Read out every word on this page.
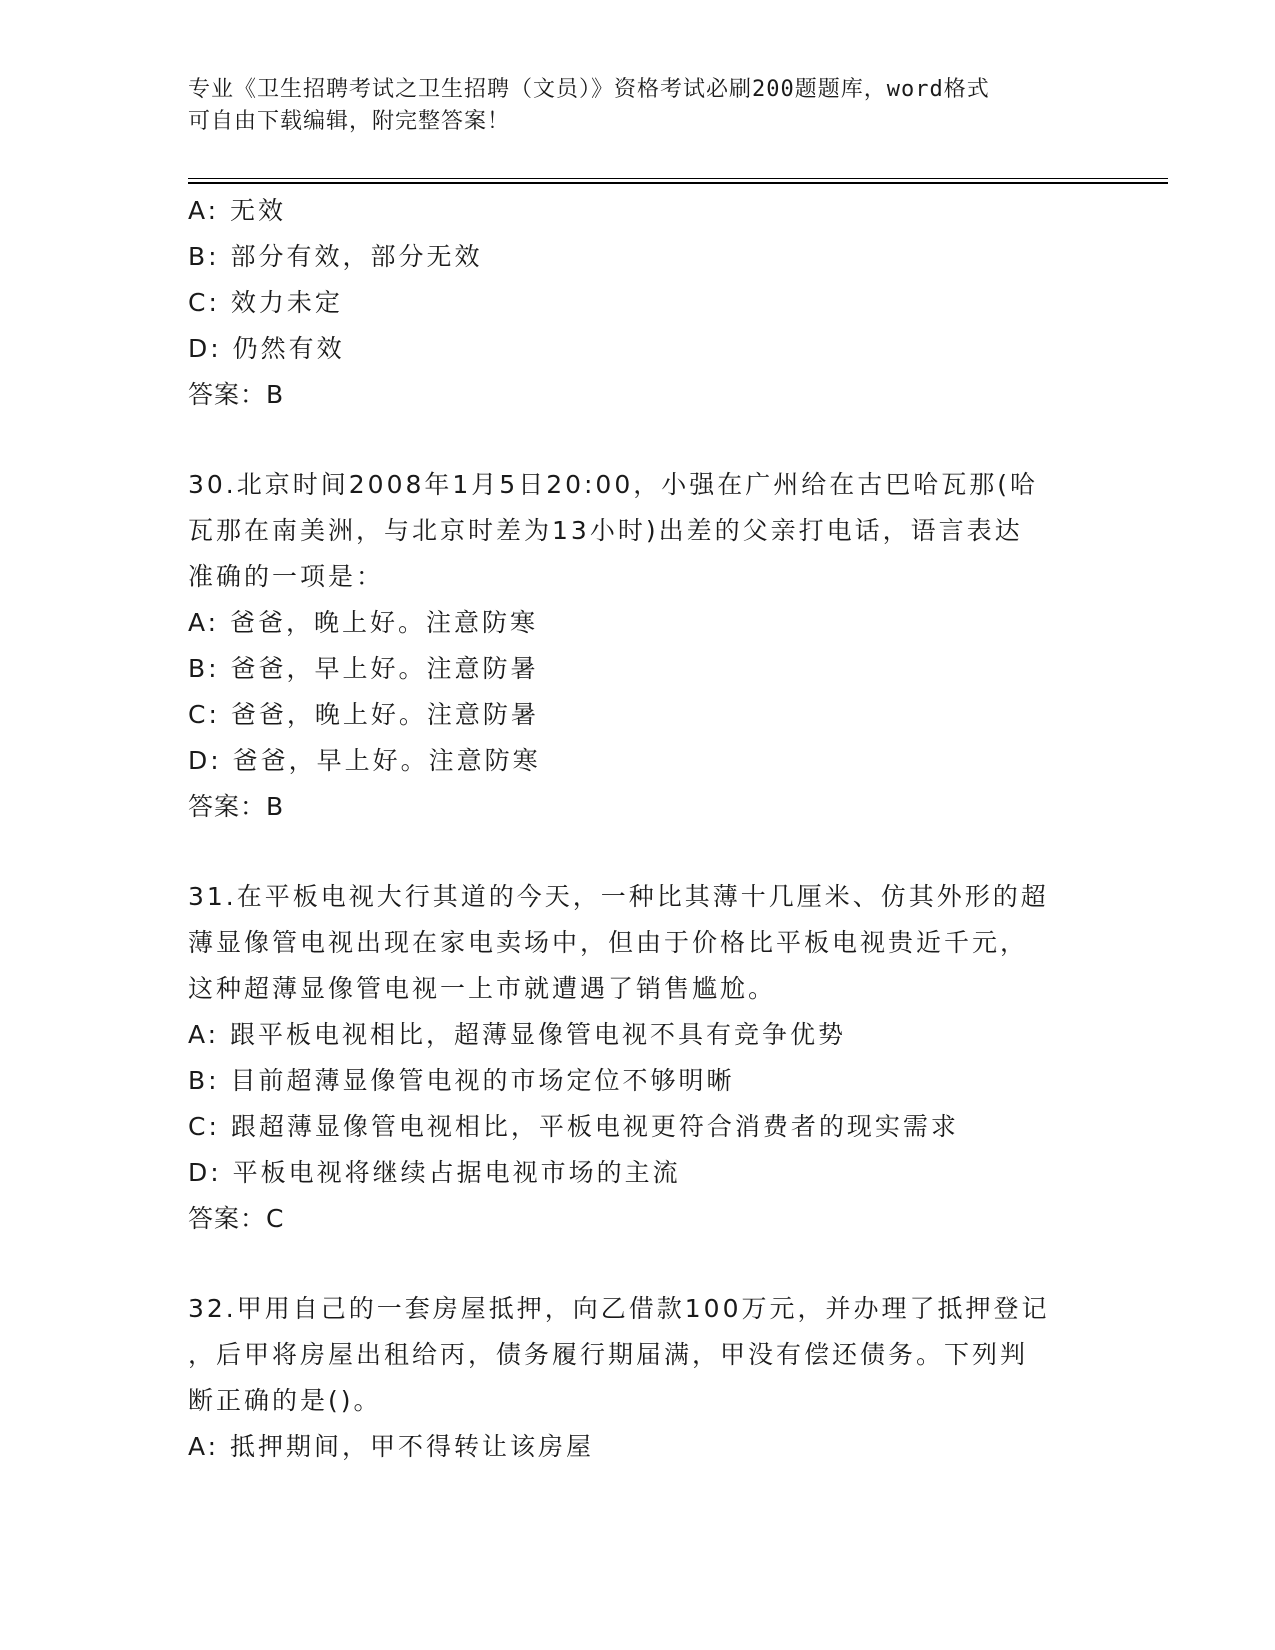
专业《卫生招聘考试之卫生招聘（文员）》资格考试必刷200题题库，word格式
可自由下载编辑，附完整答案！
A: 无效
B: 部分有效，部分无效
C: 效力未定
D: 仍然有效
答案：B
30.北京时间2008年1月5日20:00，小强在广州给在古巴哈瓦那(哈
瓦那在南美洲，与北京时差为13小时)出差的父亲打电话，语言表达
准确的一项是：
A: 爸爸，晚上好。注意防寒
B: 爸爸，早上好。注意防暑
C: 爸爸，晚上好。注意防暑
D: 爸爸，早上好。注意防寒
答案：B
31.在平板电视大行其道的今天，一种比其薄十几厘米、仿其外形的超
薄显像管电视出现在家电卖场中，但由于价格比平板电视贵近千元，
这种超薄显像管电视一上市就遭遇了销售尴尬。
A: 跟平板电视相比，超薄显像管电视不具有竞争优势
B: 目前超薄显像管电视的市场定位不够明晰
C: 跟超薄显像管电视相比，平板电视更符合消费者的现实需求
D: 平板电视将继续占据电视市场的主流
答案：C
32.甲用自己的一套房屋抵押，向乙借款100万元，并办理了抵押登记
，后甲将房屋出租给丙，债务履行期届满，甲没有偿还债务。下列判
断正确的是()。
A: 抵押期间，甲不得转让该房屋
